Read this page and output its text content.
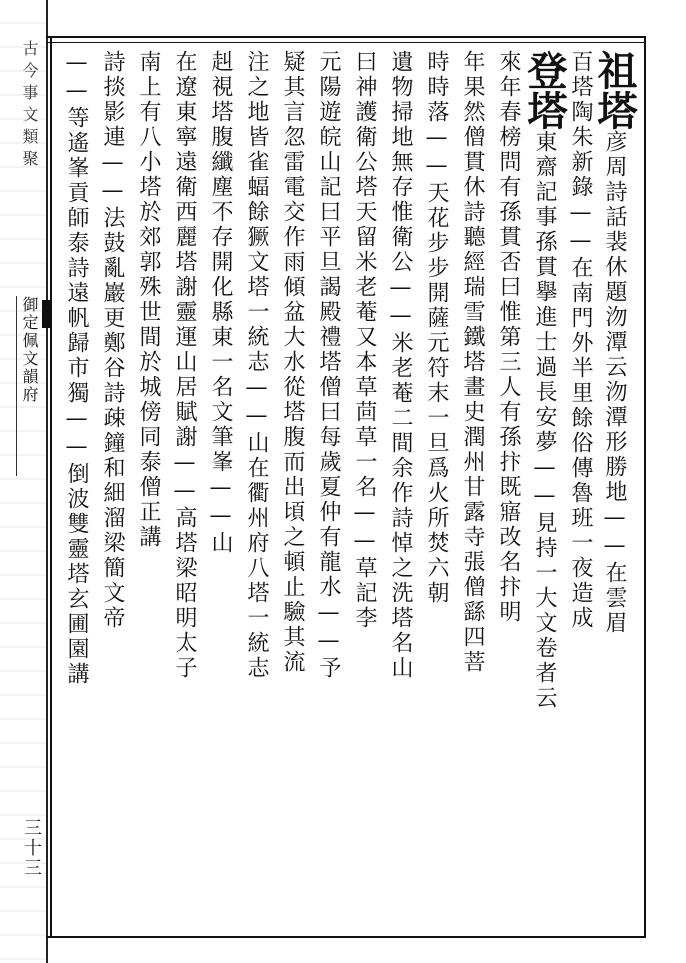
古今事文類聚
御定佩文韻府
三十三
祖塔彦周詩話裴休題沕潭云沕潭形勝地——在雲眉
百塔陶朱新錄——在南門外半里餘俗傳魯班一夜造成
登塔東齋記事孫貫擧進士過長安夢——見持一大文卷者云
來年春榜問有孫貫否曰惟第三人有孫抃既寤改名抃明
年果然僧貫休詩聽經瑞雪鐵塔畫史潤州甘露寺張僧繇四菩
時時落——天花步步開薩元符末一旦爲火所焚六朝
遺物掃地無存惟衛公——米老菴二間余作詩悼之洗塔名山
曰神護衛公塔天留米老菴又本草茴草一名——草記李
元陽遊皖山記曰平旦謁殿禮塔僧曰每歲夏仲有龍水——予
疑其言忽雷電交作雨傾盆大水從塔腹而出頃之頓止驗其流
注之地皆雀蝠餘獗文塔一統志——山在衢州府八塔一統志
赳視塔腹纖塵不存開化縣東一名文筆峯——山
在遼東寧遠衛西麗塔謝靈運山居賦謝——高塔梁昭明太子
南上有八小塔於郊郭殊世間於城傍同泰僧正講
詩掞影連——法鼓亂巖更鄭谷詩疎鐘和細溜梁簡文帝
——等遙峯貢師泰詩遠帆歸市獨——倒波雙靈塔玄圃園講
